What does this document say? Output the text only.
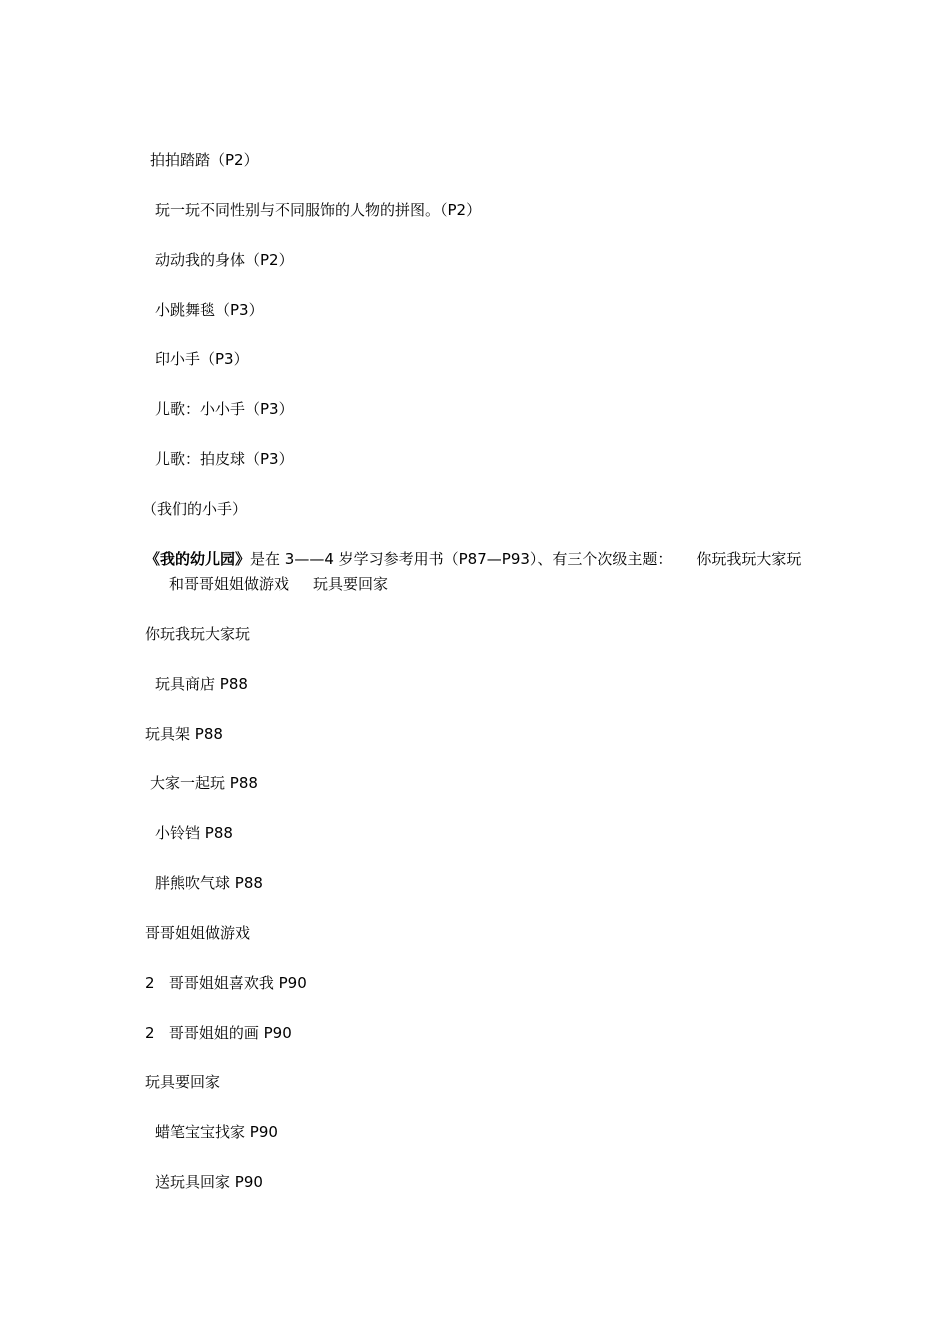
拍拍踏踏（P2）
玩一玩不同性别与不同服饰的人物的拼图。（P2）
动动我的身体（P2）
小跳舞毯（P3）
印小手（P3）
儿歌：小小手（P3）
儿歌：拍皮球（P3）
（我们的小手）
《我的幼儿园》是在 3——4 岁学习参考用书（P87—P93）、有三个次级主题： 你玩我玩大家玩和哥哥姐姐做游戏 玩具要回家
你玩我玩大家玩
玩具商店 P88
玩具架 P88
大家一起玩 P88
小铃铛 P88
胖熊吹气球 P88
哥哥姐姐做游戏
2   哥哥姐姐喜欢我 P90
2   哥哥姐姐的画 P90
玩具要回家
蜡笔宝宝找家 P90
送玩具回家 P90
